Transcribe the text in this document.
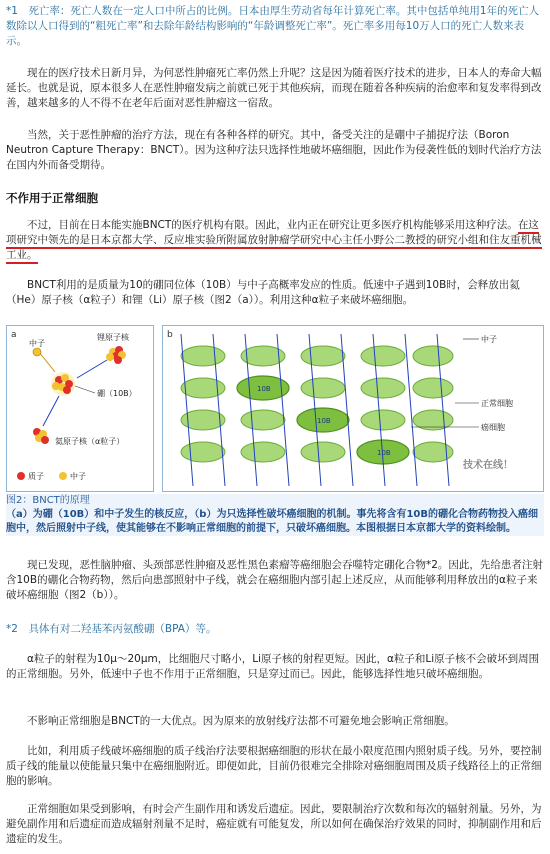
*1　 死亡率：死亡人数在一定人口中所占的比例。日本由厚生劳动省每年计算死亡率。其中包括单纯用1年的死亡人数除以人口得到的“粗死亡率”和去除年龄结构影响的“年龄调整死亡率”。死亡率多用每10万人口的死亡人数来表示。

现在的医疗技术日新月异，为何恶性肿瘤死亡率仍然上升呢？这是因为随着医疗技术的进步，日本人的寿命大幅延长。也就是说，原本很多人在恶性肿瘤发病之前就已死于其他疾病，而现在随着各种疾病的治愈率和复发率得到改善，越来越多的人不得不在老年后面对恶性肿瘤这一宿敌。

当然，关于恶性肿瘤的治疗方法，现在有各种各样的研究。其中，备受关注的是硼中子捕捉疗法（Boron Neutron Capture Therapy：BNCT）。因为这种疗法只选择性地破坏癌细胞，因此作为侵袭性低的划时代治疗方法在国内外而备受期待。

不作用于正常细胞

不过，目前在日本能实施BNCT的医疗机构有限。因此，业内正在研究让更多医疗机构能够采用这种疗法。在这项研究中领先的是日本京都大学、反应堆实验所附属放射肿瘤学研究中心主任小野公二教授的研究小组和住友重机械工业。

BNCT利用的是质量为10的硼同位体（10B）与中子高概率发应的性质。低速中子遇到10B时，会释放出氦（He）原子核（α粒子）和锂（Li）原子核（图2（a））。利用这种α粒子来破坏癌细胞。

a
中子
锂原子核
硼（10B）
氦原子核（α粒子）
质子	中子
b	中子
10B
10B
10B
正常细胞
癌细胞
技术在线！
图2：BNCT的原理
（a）为硼（10B）和中子发生的核反应，（b）为只选择性破坏癌细胞的机制。事先将含有10B的硼化合物药物投入癌细胞中，然后照射中子线，使其能够在不影响正常细胞的前提下，只破坏癌细胞。本图根据日本京都大学的资料绘制。

现已发现，恶性脑肿瘤、头颈部恶性肿瘤及恶性黑色素瘤等癌细胞会吞噬特定硼化合物*2。因此，先给患者注射含10B的硼化合物药物，然后向患部照射中子线，就会在癌细胞内部引起上述反应，从而能够利用释放出的α粒子来破坏癌细胞（图2（b））。

*2　 具体有对二羟基苯丙氨酸硼（BPA）等。

α粒子的射程为10μ～20μm，比细胞尺寸略小，Li原子核的射程更短。因此，α粒子和Li原子核不会破坏到周围的正常细胞。另外，低速中子也不作用于正常细胞，只是穿过而已。因此，能够选择性地只破坏癌细胞。

不影响正常细胞是BNCT的一大优点。因为原来的放射线疗法都不可避免地会影响正常细胞。

比如，利用质子线破坏癌细胞的质子线治疗法要根据癌细胞的形状在最小限度范围内照射质子线。另外，要控制质子线的能量以使能量只集中在癌细胞附近。即便如此，目前仍很难完全排除对癌细胞周围及质子线路径上的正常细胞的影响。

正常细胞如果受到影响，有时会产生副作用和诱发后遗症。因此，要限制治疗次数和每次的辐射剂量。另外，为避免副作用和后遗症而造成辐射剂量不足时，癌症就有可能复发，所以如何在确保治疗效果的同时，抑制副作用和后遗症的发生。
